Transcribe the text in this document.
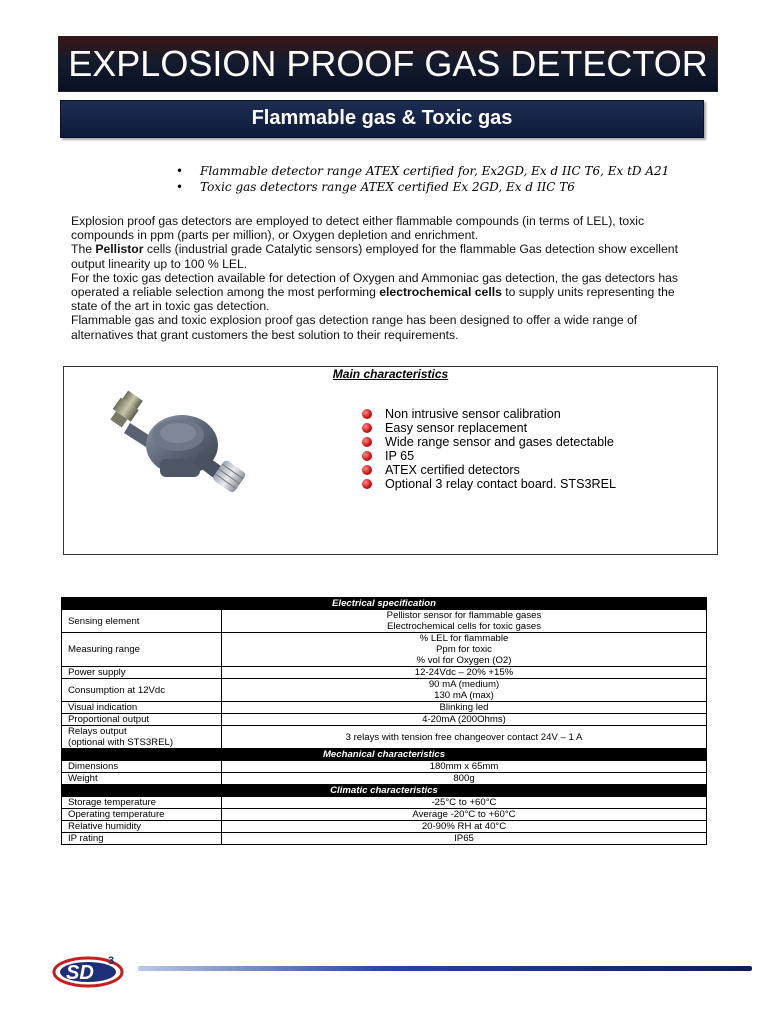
EXPLOSION PROOF GAS DETECTOR
Flammable gas & Toxic gas
• Flammable detector range ATEX certified for, Ex2GD, Ex d IIC T6, Ex tD A21
• Toxic gas detectors range ATEX certified Ex 2GD, Ex d IIC T6

Explosion proof gas detectors are employed to detect either flammable compounds (in terms of LEL), toxic compounds in ppm (parts per million), or Oxygen depletion and enrichment.

The Pellistor cells (industrial grade Catalytic sensors) employed for the flammable Gas detection show excellent output linearity up to 100 % LEL.

For the toxic gas detection available for detection of Oxygen and Ammoniac gas detection, the gas detectors has operated a reliable selection among the most performing electrochemical cells to supply units representing the state of the art in toxic gas detection.

Flammable gas and toxic explosion proof gas detection range has been designed to offer a wide range of alternatives that grant customers the best solution to their requirements.

Main characteristics
Non intrusive sensor calibration
Easy sensor replacement
Wide range sensor and gases detectable
IP 65
ATEX certified detectors
Optional 3 relay contact board. STS3REL
Electrical specification	

Sensing element	Pellistor sensor for flammable gases
Electrochemical cells for toxic gases

Measuring range	% LEL for flammable
Ppm for toxic
% vol for Oxygen (O2)

Power supply	12-24Vdc – 20% +15%

Consumption at 12Vdc	90 mA (medium)
130 mA (max)

Visual indication	Blinking led

Proportional output	4-20mA (200Ohms)

Relays output
(optional with STS3REL)	3 relays with tension free changeover contact 24V – 1 A

Mechanical characteristics	

Dimensions	180mm x 65mm

Weight	800g

Climatic characteristics	

Storage temperature	-25°C to +60°C

Operating temperature	Average -20°C to +60°C

Relative humidity	20-90% RH at 40°C

IP rating	IP65
SD
3
